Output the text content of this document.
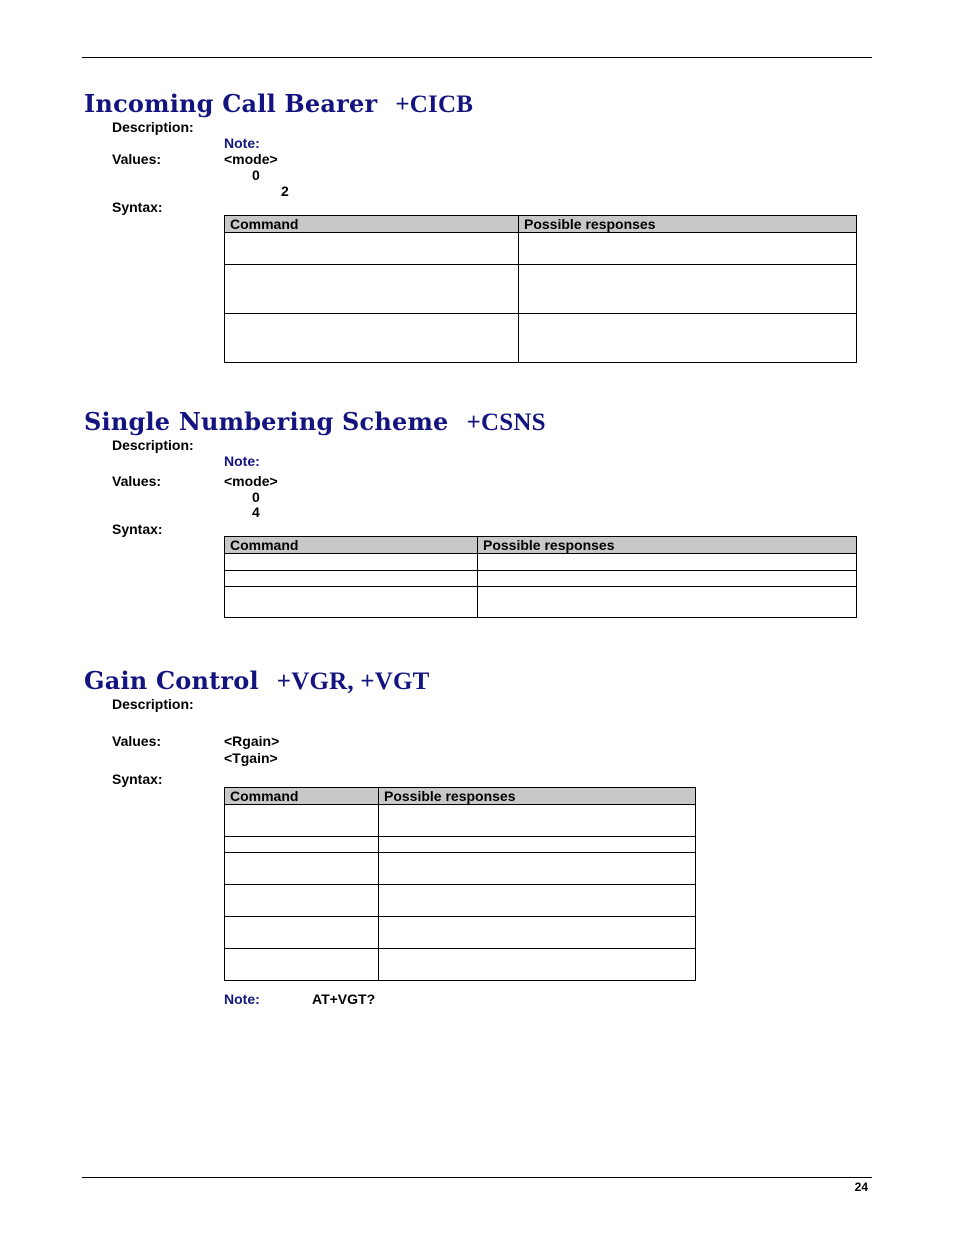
Incoming Call Bearer +CICB
Description:
Note:
Values:	<mode>
0
2
Syntax:
Command	Possible responses

Single Numbering Scheme +CSNS
Description:
Note:
Values:	<mode>
0
4
Syntax:
Command	Possible responses

Gain Control +VGR, +VGT
Description:
Values:	<Rgain>
<Tgain>
Syntax:
Command	Possible responses

Note:	AT+VGT?
24
